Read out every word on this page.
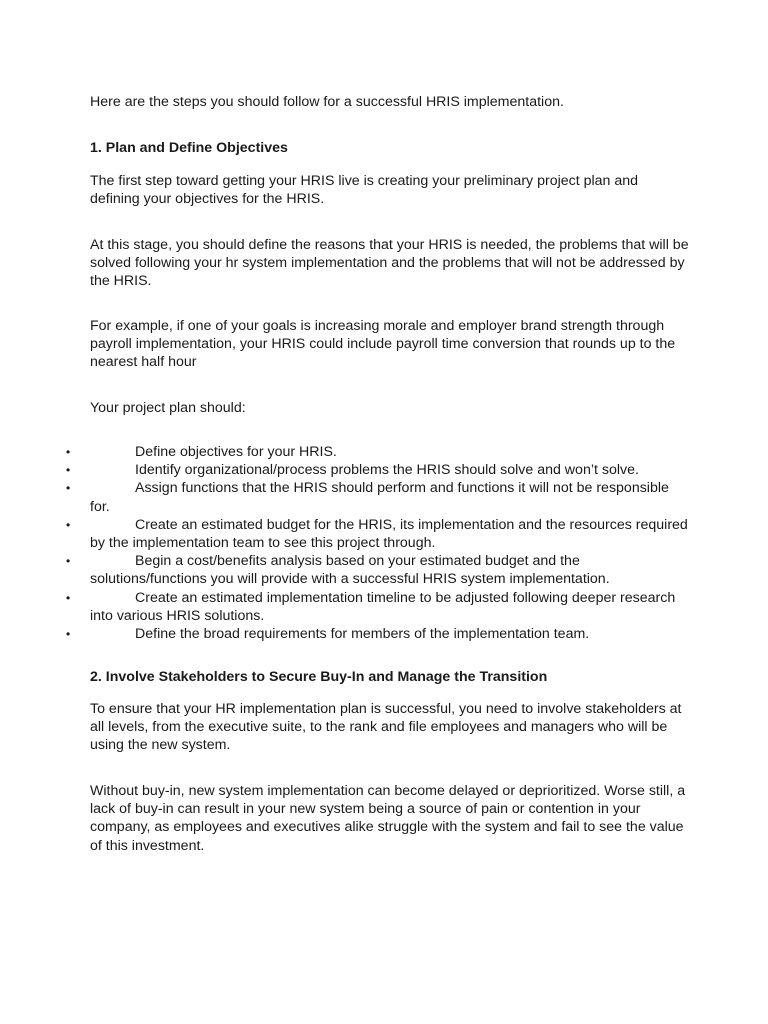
Here are the steps you should follow for a successful HRIS implementation.

1. Plan and Define Objectives

The first step toward getting your HRIS live is creating your preliminary project plan and defining your objectives for the HRIS.

At this stage, you should define the reasons that your HRIS is needed, the problems that will be solved following your hr system implementation and the problems that will not be addressed by the HRIS.

For example, if one of your goals is increasing morale and employer brand strength through payroll implementation, your HRIS could include payroll time conversion that rounds up to the nearest half hour

Your project plan should:

•	Define objectives for your HRIS.
•	Identify organizational/process problems the HRIS should solve and won’t solve.
•	Assign functions that the HRIS should perform and functions it will not be responsible for.
•	Create an estimated budget for the HRIS, its implementation and the resources required by the implementation team to see this project through.
•	Begin a cost/benefits analysis based on your estimated budget and the solutions/functions you will provide with a successful HRIS system implementation.
•	Create an estimated implementation timeline to be adjusted following deeper research into various HRIS solutions.
•	Define the broad requirements for members of the implementation team.

2. Involve Stakeholders to Secure Buy-In and Manage the Transition

To ensure that your HR implementation plan is successful, you need to involve stakeholders at all levels, from the executive suite, to the rank and file employees and managers who will be using the new system.

Without buy-in, new system implementation can become delayed or deprioritized. Worse still, a lack of buy-in can result in your new system being a source of pain or contention in your company, as employees and executives alike struggle with the system and fail to see the value of this investment.
